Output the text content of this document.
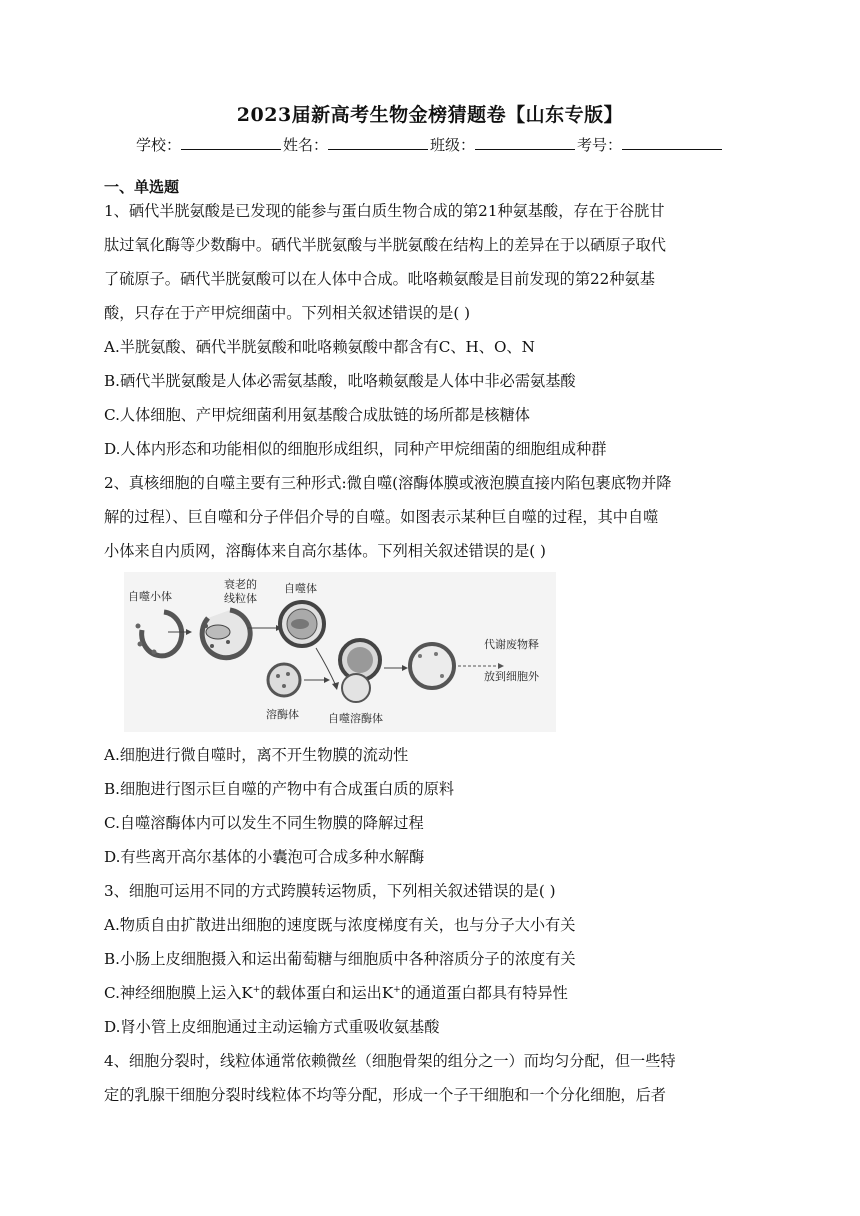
2023届新高考生物金榜猜题卷【山东专版】
学校：	姓名：	班级：	考号：
一、单选题
1、硒代半胱氨酸是已发现的能参与蛋白质生物合成的第21种氨基酸，存在于谷胱甘
肽过氧化酶等少数酶中。硒代半胱氨酸与半胱氨酸在结构上的差异在于以硒原子取代
了硫原子。硒代半胱氨酸可以在人体中合成。吡咯赖氨酸是目前发现的第22种氨基
酸，只存在于产甲烷细菌中。下列相关叙述错误的是( )
A.半胱氨酸、硒代半胱氨酸和吡咯赖氨酸中都含有C、H、O、N
B.硒代半胱氨酸是人体必需氨基酸，吡咯赖氨酸是人体中非必需氨基酸
C.人体细胞、产甲烷细菌利用氨基酸合成肽链的场所都是核糖体
D.人体内形态和功能相似的细胞形成组织，同种产甲烷细菌的细胞组成种群
2、真核细胞的自噬主要有三种形式:微自噬(溶酶体膜或液泡膜直接内陷包裹底物并降
解的过程）、巨自噬和分子伴侣介导的自噬。如图表示某种巨自噬的过程，其中自噬
小体来自内质网，溶酶体来自高尔基体。下列相关叙述错误的是( )
自噬小体
衰老的
线粒体
自噬体
溶酶体	自噬溶酶体
代谢废物释
放到细胞外
A.细胞进行微自噬时，离不开生物膜的流动性
B.细胞进行图示巨自噬的产物中有合成蛋白质的原料
C.自噬溶酶体内可以发生不同生物膜的降解过程
D.有些离开高尔基体的小囊泡可合成多种水解酶
3、细胞可运用不同的方式跨膜转运物质，下列相关叙述错误的是( )
A.物质自由扩散进出细胞的速度既与浓度梯度有关，也与分子大小有关
B.小肠上皮细胞摄入和运出葡萄糖与细胞质中各种溶质分子的浓度有关
C.神经细胞膜上运入K+的载体蛋白和运出K+的通道蛋白都具有特异性
D.肾小管上皮细胞通过主动运输方式重吸收氨基酸
4、细胞分裂时，线粒体通常依赖微丝（细胞骨架的组分之一）而均匀分配，但一些特
定的乳腺干细胞分裂时线粒体不均等分配，形成一个子干细胞和一个分化细胞，后者
